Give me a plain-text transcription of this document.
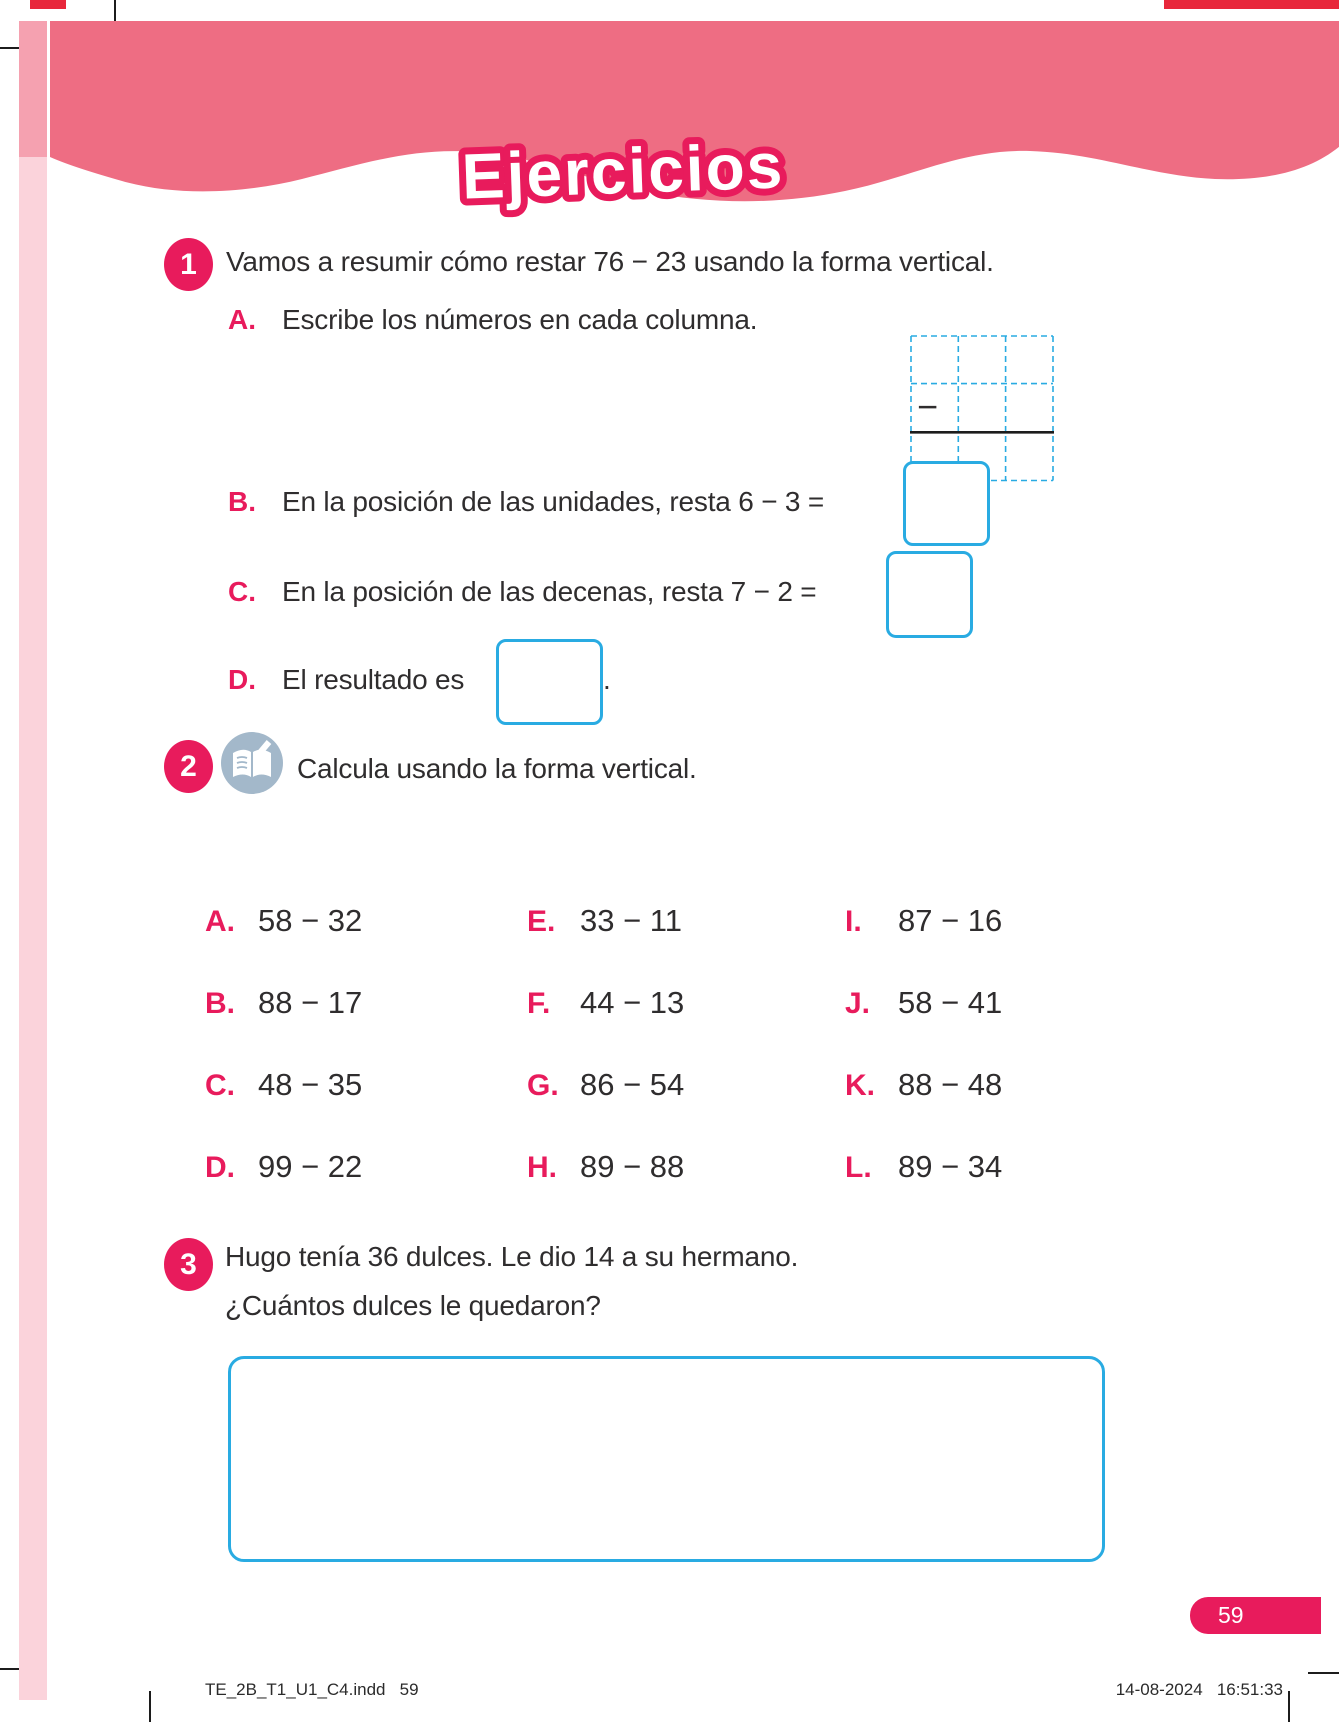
Ejercicios
1 Vamos a resumir cómo restar 76 − 23 usando la forma vertical.
A. Escribe los números en cada columna.
−
B. En la posición de las unidades, resta 6 − 3 =
C. En la posición de las decenas, resta 7 − 2 =
D. El resultado es	.
2	Calcula usando la forma vertical.
A. 58 − 32
B. 88 − 17
C. 48 − 35
D. 99 − 22
E. 33 − 11
F. 44 − 13
G. 86 − 54
H. 89 − 88
I.	87 − 16
J. 58 − 41
K. 88 − 48
L. 89 − 34
3 Hugo tenía 36 dulces. Le dio 14 a su hermano.
¿Cuántos dulces le quedaron?
59
TE_2B_T1_U1_C4.indd   59	14-08-2024   16:51:33
